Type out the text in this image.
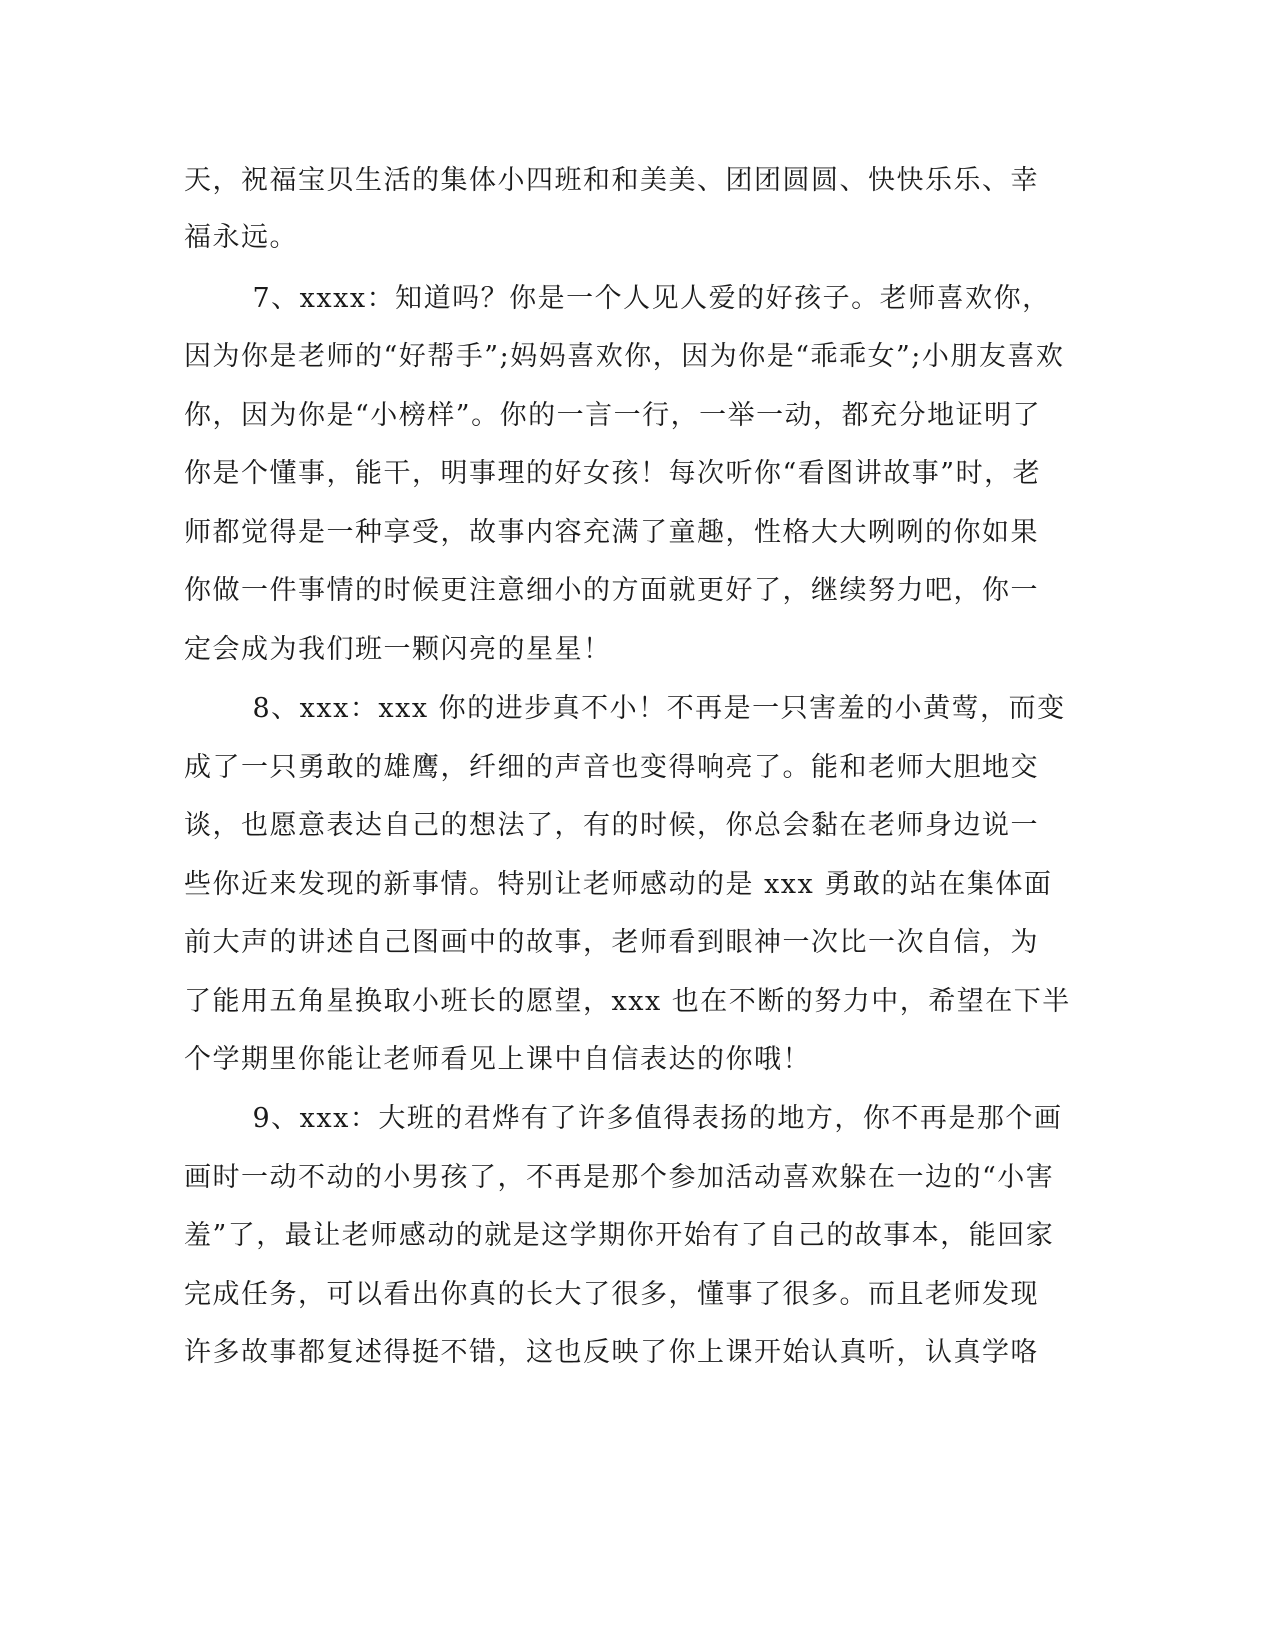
天，祝福宝贝生活的集体小四班和和美美、团团圆圆、快快乐乐、幸

福永远。

　7、xxxx：知道吗？你是一个人见人爱的好孩子。老师喜欢你，

因为你是老师的“好帮手”;妈妈喜欢你，因为你是“乖乖女”;小朋友喜欢

你，因为你是“小榜样”。你的一言一行，一举一动，都充分地证明了

你是个懂事，能干，明事理的好女孩！每次听你“看图讲故事”时，老

师都觉得是一种享受，故事内容充满了童趣，性格大大咧咧的你如果

你做一件事情的时候更注意细小的方面就更好了，继续努力吧，你一

定会成为我们班一颗闪亮的星星！

　8、xxx：xxx 你的进步真不小！不再是一只害羞的小黄莺，而变

成了一只勇敢的雄鹰，纤细的声音也变得响亮了。能和老师大胆地交

谈，也愿意表达自己的想法了，有的时候，你总会黏在老师身边说一

些你近来发现的新事情。特别让老师感动的是 xxx 勇敢的站在集体面

前大声的讲述自己图画中的故事，老师看到眼神一次比一次自信，为

了能用五角星换取小班长的愿望，xxx 也在不断的努力中，希望在下半

个学期里你能让老师看见上课中自信表达的你哦！

　9、xxx：大班的君烨有了许多值得表扬的地方，你不再是那个画

画时一动不动的小男孩了，不再是那个参加活动喜欢躲在一边的“小害

羞”了，最让老师感动的就是这学期你开始有了自己的故事本，能回家

完成任务，可以看出你真的长大了很多，懂事了很多。而且老师发现

许多故事都复述得挺不错，这也反映了你上课开始认真听，认真学咯
